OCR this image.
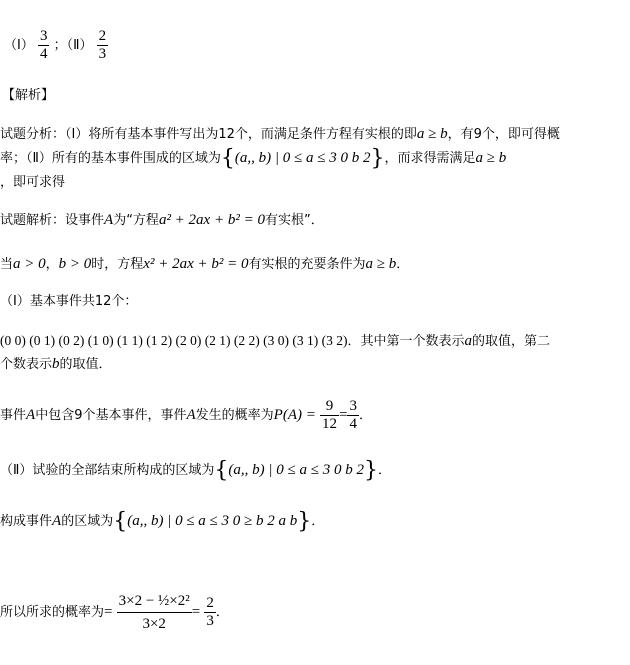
（Ⅰ） $\frac{3}{4}$ ；（Ⅱ） $\frac{2}{3}$
【解析】
试题分析：（Ⅰ）将所有基本事件写出为12个，而满足条件方程有实根的即a ≥ b，有9个，即可得概
率；（Ⅱ）所有的基本事件围成的区域为{(a,, b) | 0 ≤ a ≤ 3 0 b 2}，而求得需满足a ≥ b
，即可求得
试题解析：设事件A为“方程a² + 2ax + b² = 0有实根”．
当a > 0，b > 0时，方程x² + 2ax + b² = 0有实根的充要条件为a ≥ b．
（Ⅰ）基本事件共12个：
(0 0) (0 1) (0 2) (1 0) (1 1) (1 2) (2 0) (2 1) (2 2) (3 0) (3 1) (3 2)．其中第一个数表示a的取值，第二
个数表示b的取值．
事件A中包含9个基本事件，事件A发生的概率为$P(A) = \frac{9}{12} = \frac{3}{4}$ ．
（Ⅱ）试验的全部结束所构成的区域为{(a,, b) | 0 ≤ a ≤ 3 0 b 2}．
构成事件A的区域为{(a,, b) | 0 ≤ a ≤ 3 0 ≥ b 2 a b}．
所以所求的概率为= $\frac{\text{3×2 − ½×2²}}{3\times 2} = \frac{2}{3}$ ．
